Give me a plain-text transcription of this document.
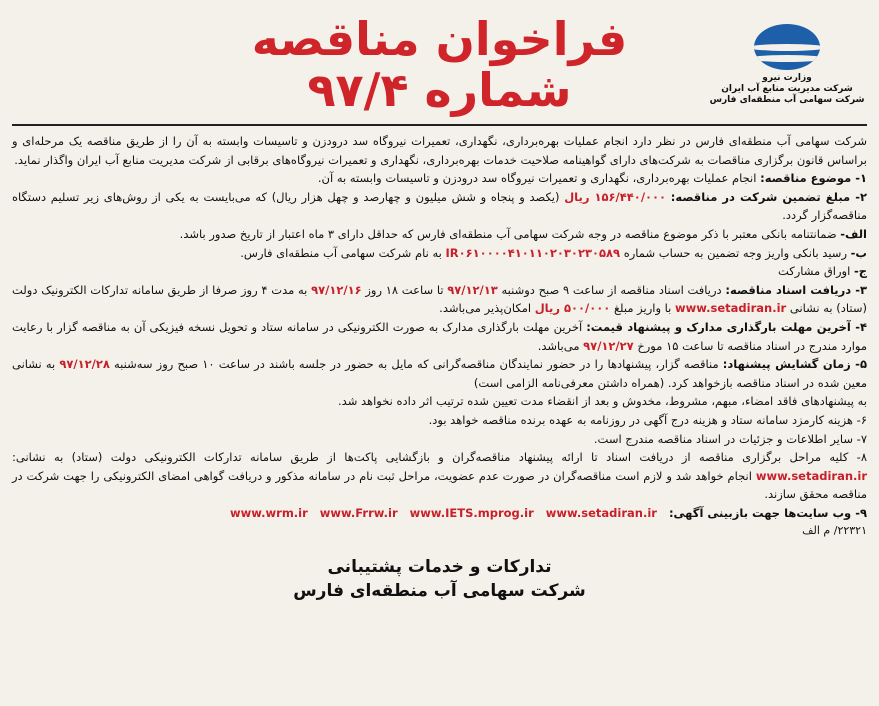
وزارت نیرو
شرکت مدیریت منابع آب ایران
شرکت سهامی آب منطقه‌ای فارس
فراخوان مناقصه شماره ۹۷/۴

شرکت سهامی آب منطقه‌ای فارس در نظر دارد انجام عملیات بهره‌برداری، نگهداری، تعمیرات نیروگاه سد درودزن و تاسیسات وابسته به آن را از طریق مناقصه یک مرحله‌ای و براساس قانون برگزاری مناقصات به شرکت‌های دارای گواهینامه صلاحیت خدمات بهره‌برداری، نگهداری و تعمیرات نیروگاه‌های برقابی از شرکت مدیریت منابع آب ایران واگذار نماید.

۱- موضوع مناقصه: انجام عملیات بهره‌برداری، نگهداری و تعمیرات نیروگاه سد درودزن و تاسیسات وابسته به آن.

۲- مبلغ تضمین شرکت در مناقصه: ۱۵۶/۴۴۰/۰۰۰ ریال (یکصد و پنجاه و شش میلیون و چهارصد و چهل هزار ریال) که می‌بایست به یکی از روش‌های زیر تسلیم دستگاه مناقصه‌گزار گردد.

الف- ضمانتنامه بانکی معتبر با ذکر موضوع مناقصه در وجه شرکت سهامی آب منطقه‌ای فارس که حداقل دارای ۳ ماه اعتبار از تاریخ صدور باشد.

ب- رسید بانکی واریز وجه تضمین به حساب شماره IR۰۶۱۰۰۰۰۴۱۰۱۱۰۲۰۳۰۲۳۰۵۸۹ به نام شرکت سهامی آب منطقه‌ای فارس.

ج- اوراق مشارکت

۳- دریافت اسناد مناقصه: دریافت اسناد مناقصه از ساعت ۹ صبح دوشنبه ۹۷/۱۲/۱۳ تا ساعت ۱۸ روز ۹۷/۱۲/۱۶ به مدت ۴ روز صرفا از طریق سامانه تدارکات الکترونیک دولت (ستاد) به نشانی www.setadiran.ir با واریز مبلغ ۵۰۰/۰۰۰ ریال امکان‌پذیر می‌باشد.

۴- آخرین مهلت بارگذاری مدارک و پیشنهاد قیمت: آخرین مهلت بارگذاری مدارک به صورت الکترونیکی در سامانه ستاد و تحویل نسخه فیزیکی آن به مناقصه گزار با رعایت موارد مندرج در اسناد مناقصه تا ساعت ۱۵ مورخ ۹۷/۱۲/۲۷ می‌باشد.

۵- زمان گشایش پیشنهاد: مناقصه گزار، پیشنهادها را در حضور نمایندگان مناقصه‌گرانی که مایل به حضور در جلسه باشند در ساعت ۱۰ صبح روز سه‌شنبه ۹۷/۱۲/۲۸ به نشانی معین شده در اسناد مناقصه بازخواهد کرد. (همراه داشتن معرفی‌نامه الزامی است)

به پیشنهادهای فاقد امضاء، مبهم، مشروط، مخدوش و بعد از انقضاء مدت تعیین شده ترتیب اثر داده نخواهد شد.

۶- هزینه کارمزد سامانه ستاد و هزینه درج آگهی در روزنامه به عهده برنده مناقصه خواهد بود.

۷- سایر اطلاعات و جزئیات در اسناد مناقصه مندرج است.

۸- کلیه مراحل برگزاری مناقصه از دریافت اسناد تا ارائه پیشنهاد مناقصه‌گران و بازگشایی پاکت‌ها از طریق سامانه تدارکات الکترونیکی دولت (ستاد) به نشانی: www.setadiran.ir انجام خواهد شد و لازم است مناقصه‌گران در صورت عدم عضویت، مراحل ثبت نام در سامانه مذکور و دریافت گواهی امضای الکترونیکی را جهت شرکت در مناقصه محقق سازند.

۹- وب سایت‌ها جهت بازبینی آگهی:
www.setadiran.ir
www.IETS.mprog.ir
www.Frrw.ir
www.wrm.ir

۲۲۳۲۱/ م الف

تدارکات و خدمات پشتیبانی
شرکت سهامی آب منطقه‌ای فارس
